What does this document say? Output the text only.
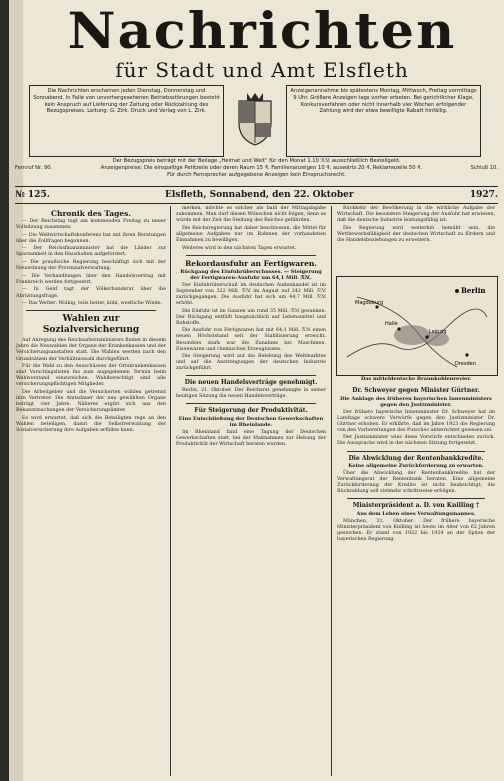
Nachrichten
für Stadt und Amt Elsfleth
Die Nachrichten erscheinen jeden Dienstag, Donnerstag und Sonnabend. In Falle von unvorhergesehenen Betriebsstörungen besteht kein Anspruch auf Lieferung der Zeitung oder Rückzahlung des Bezugspreises. Leitung: G. Zirk. Druck und Verlag von L. Zirk.
Anzeigenannahme bis spätestens Montag, Mittwoch, Freitag vormittags 9 Uhr. Größere Anzeigen tags vorher erbeten. Bei gerichtlicher Klage, Konkursverfahren oder nicht innerhalb vier Wochen erfolgender Zahlung wird der etwa bewilligte Rabatt hinfällig.
Der Bezugspreis beträgt mit der Beilage „Heimat und Welt“ für den Monat 1.10 ℛℳ ausschließlich Bestellgeld.
Fernruf Nr. 90.	Anzeigenpreise: Die einspaltige Petitzeile oder deren Raum 15 ₰, Familienanzeigen 10 ₰, auswärts 20 ₰, Reklamezeile 50 ₰.	Schluß 10.
Für durch Fernsprecher aufgegebene Anzeigen kein Einspruchsrecht.
№ 125.	Elsfleth, Sonnabend, den 22. Oktober	1927.
Chronik des Tages.

— Der Reichstag tagt am kommenden Freitag zu neuer Vollsitzung zusammen.

— Die Weltwirtschaftskonferenz hat mit ihren Beratungen über die Zollfragen begonnen.

— Der Reichsfinanzminister hat die Länder zur Sparsamkeit in den Haushalten aufgefordert.

— Die preußische Regierung beschäftigt sich mit der Neuordnung der Provinzialverwaltung.

— Die Verhandlungen über den Handelsvertrag mit Frankreich werden fortgesetzt.

— In Genf tagt der Völkerbundsrat über die Abrüstungsfrage.

— Das Wetter: Wolkig, teils heiter, kühl, westliche Winde.

Wahlen zur Sozialversicherung

Auf Anregung des Reichsarbeitsministers finden in diesem Jahre die Neuwahlen der Organe der Krankenkassen und der Versicherungsanstalten statt. Die Wahlen werden nach den Grundsätzen der Verhältniswahl durchgeführt.

Für die Wahl zu den Ausschüssen der Ortskrankenkassen sind Vorschlagslisten bis zum angegebenen Termin beim Wahlvorstand einzureichen. Wahlberechtigt sind alle versicherungspflichtigen Mitglieder.

Die Arbeitgeber und die Versicherten wählen getrennt ihre Vertreter. Die Amtsdauer der neu gewählten Organe beträgt vier Jahre. Näheres ergibt sich aus den Bekanntmachungen der Versicherungsämter.

Es wird erwartet, daß sich die Beteiligten rege an den Wahlen beteiligen, damit die Selbstverwaltung der Sozialversicherung ihre Aufgaben erfüllen kann.

merken, möchte es solcher als bald der Mittagabgabe zukommen. Man darf diesen Wünschen nicht folgen, denn es würde mit der Zeit die Stellung des Reiches gefährden.

Die Reichsregierung hat daher beschlossen, die Mittel für allgemeine Aufgaben nur im Rahmen der vorhandenen Einnahmen zu bewilligen.

Weiteres wird in den nächsten Tagen erwartet.

Rekordausfuhr an Fertigwaren.
Rückgang des Einfuhrüberschusses. — Steigerung der Fertigwaren-Ausfuhr um 64,1 Mill. ℛℳ.

Der Einfuhrüberschuß im deutschen Außenhandel ist im September von 322 Mill. ℛℳ im August auf 242 Mill. ℛℳ zurückgegangen. Die Ausfuhr hat sich um 44,7 Mill. ℛℳ erhöht.

Die Einfuhr ist im Ganzen um rund 35 Mill. ℛℳ gesunken. Der Rückgang entfällt hauptsächlich auf Lebensmittel und Rohstoffe.

Die Ausfuhr von Fertigwaren hat mit 64,1 Mill. ℛℳ einen neuen Höchststand seit der Stabilisierung erreicht. Besonders stark war die Zunahme bei Maschinen, Eisenwaren und chemischen Erzeugnissen.

Die Steigerung wird auf die Belebung des Weltmarktes und auf die Anstrengungen der deutschen Industrie zurückgeführt.

Die neuen Handelsverträge genehmigt.

Berlin, 21. Oktober. Der Reichsrat genehmigte in seiner heutigen Sitzung die neuen Handelsverträge.

Für Steigerung der Produktivität.
Eine Entschließung der Deutschen Gewerkschaften im Rheinlande.

Im Rheinland fand eine Tagung der Deutschen Gewerkschaften statt, bei der Maßnahmen zur Hebung der Produktivität der Wirtschaft beraten wurden.

Rückkehr der Bevölkerung in die wirkliche Aufgabe der Wirtschaft. Die besondere Steigerung der Ausfuhr hat erwiesen, daß die deutsche Industrie leistungsfähig ist.

Die Regierung wird weiterhin bemüht sein, die Wettbewerbsfähigkeit der deutschen Wirtschaft zu fördern und die Handelsbeziehungen zu erweitern.

Berlin
Magdeburg
Halle
Leipzig
Dresden
Das mitteldeutsche Braunkohlenrevier.
Dr. Schweyer gegen Minister Gürtner.
Die Anklage des früheren bayerischen Innenministers gegen den Justizminister.

Der frühere bayerische Innenminister Dr. Schweyer hat im Landtage schwere Vorwürfe gegen den Justizminister Dr. Gürtner erhoben. Er erklärte, daß im Jahre 1923 die Regierung von den Vorbereitungen des Putsches unterrichtet gewesen sei.

Der Justizminister wies diese Vorwürfe entschieden zurück. Die Aussprache wird in der nächsten Sitzung fortgesetzt.

Die Abwicklung der Rentenbankkredite.
Keine allgemeine Zurückforderung zu erwarten.

Über die Abwicklung der Rentenbankkredite hat der Verwaltungsrat der Rentenbank beraten. Eine allgemeine Zurückforderung der Kredite ist nicht beabsichtigt; die Rückzahlung soll vielmehr schrittweise erfolgen.

Ministerpräsident a. D. von Knilling †
Aus dem Leben eines Verwaltungsmannes.

München, 21. Oktober. Der frühere bayerische Ministerpräsident von Knilling ist heute im Alter von 62 Jahren gestorben. Er stand von 1922 bis 1924 an der Spitze der bayerischen Regierung.
